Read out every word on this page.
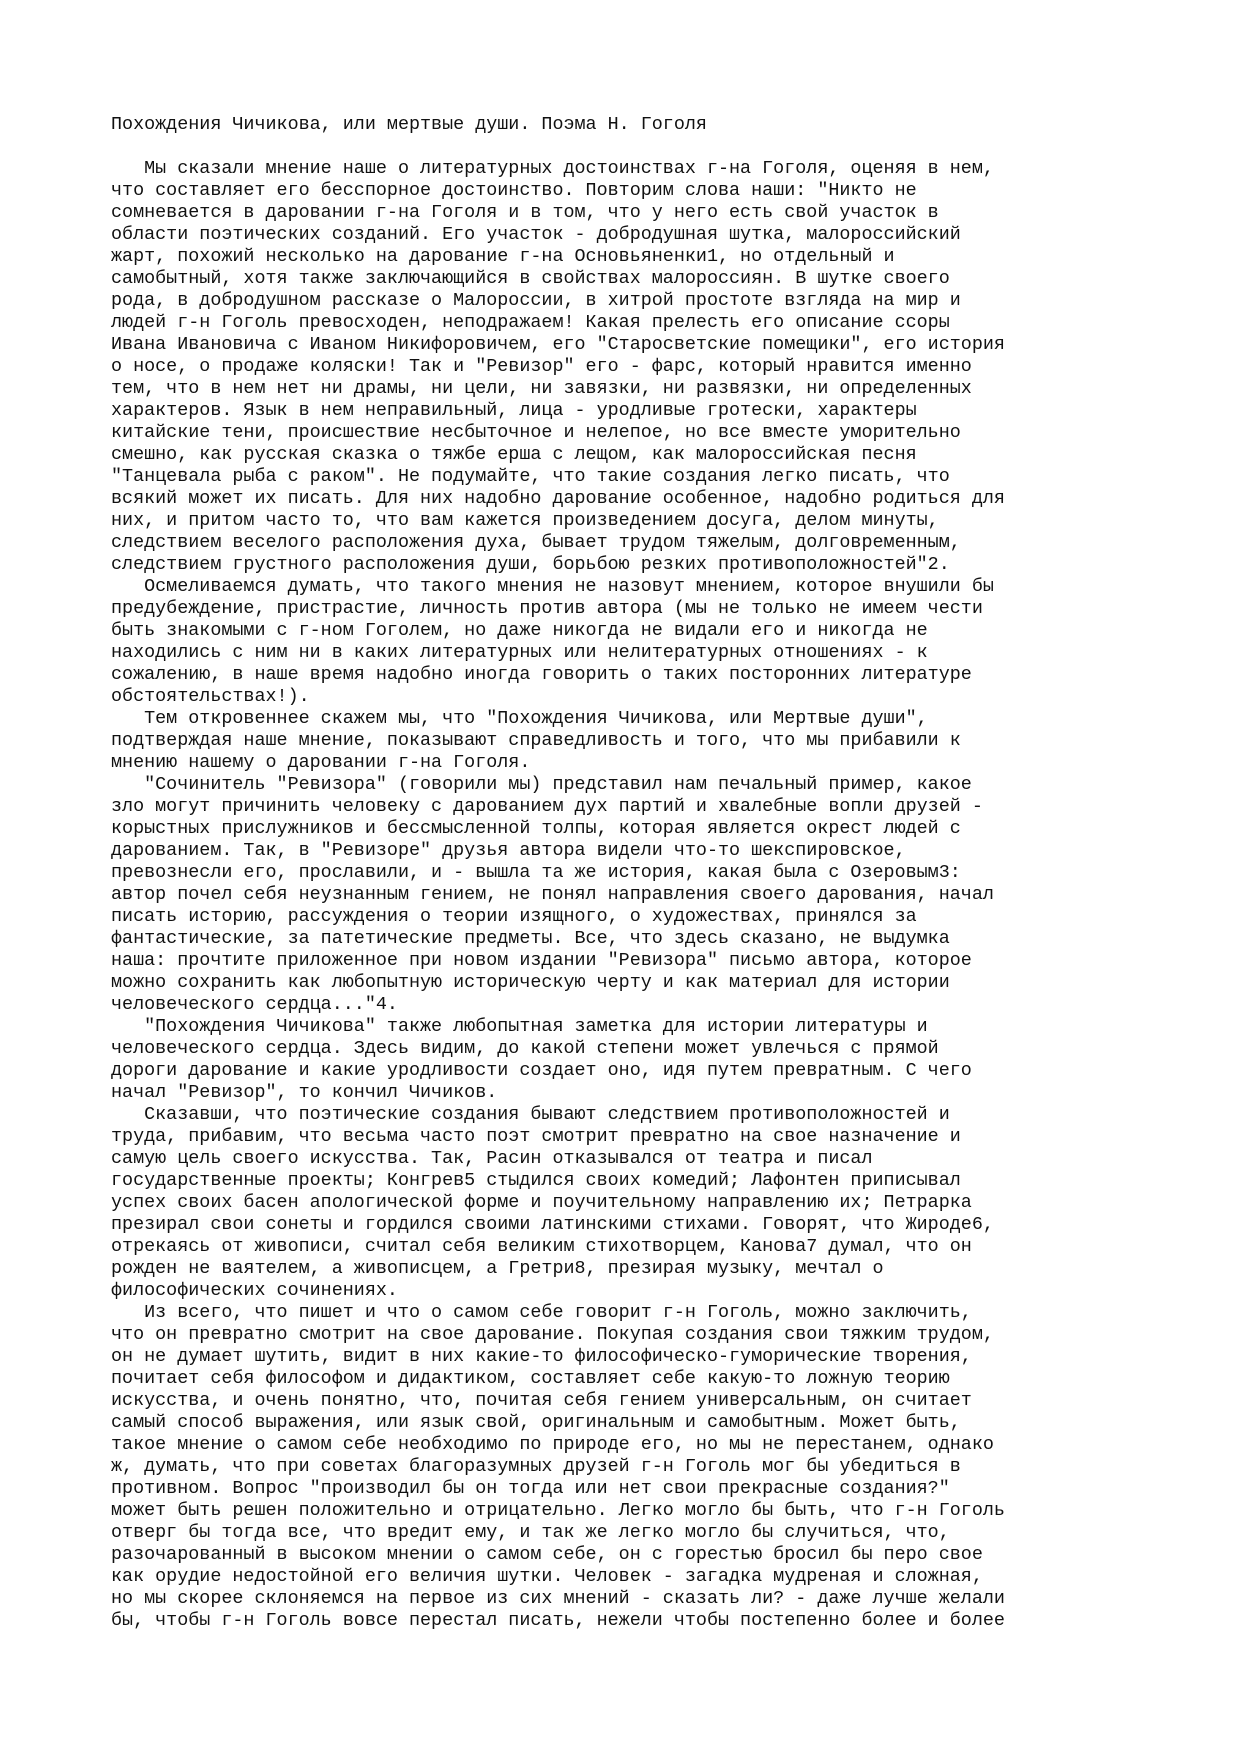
Похождения Чичикова, или мертвые души. Поэма Н. Гоголя

Мы сказали мнение наше о литературных достоинствах г-на Гоголя, оценяя в нем,
что составляет его бесспорное достоинство. Повторим слова наши: "Никто не
сомневается в даровании г-на Гоголя и в том, что у него есть свой участок в
области поэтических созданий. Его участок - добродушная шутка, малороссийский
жарт, похожий несколько на дарование г-на Основьяненки1, но отдельный и
самобытный, хотя также заключающийся в свойствах малороссиян. В шутке своего
рода, в добродушном рассказе о Малороссии, в хитрой простоте взгляда на мир и
людей г-н Гоголь превосходен, неподражаем! Какая прелесть его описание ссоры
Ивана Ивановича с Иваном Никифоровичем, его "Старосветские помещики", его история
о носе, о продаже коляски! Так и "Ревизор" его - фарс, который нравится именно
тем, что в нем нет ни драмы, ни цели, ни завязки, ни развязки, ни определенных
характеров. Язык в нем неправильный, лица - уродливые гротески, характеры
китайские тени, происшествие несбыточное и нелепое, но все вместе уморительно
смешно, как русская сказка о тяжбе ерша с лещом, как малороссийская песня
"Танцевала рыба с раком". Не подумайте, что такие создания легко писать, что
всякий может их писать. Для них надобно дарование особенное, надобно родиться для
них, и притом часто то, что вам кажется произведением досуга, делом минуты,
следствием веселого расположения духа, бывает трудом тяжелым, долговременным,
следствием грустного расположения души, борьбою резких противоположностей"2.

Осмеливаемся думать, что такого мнения не назовут мнением, которое внушили бы
предубеждение, пристрастие, личность против автора (мы не только не имеем чести
быть знакомыми с г-ном Гоголем, но даже никогда не видали его и никогда не
находились с ним ни в каких литературных или нелитературных отношениях - к
сожалению, в наше время надобно иногда говорить о таких посторонних литературе
обстоятельствах!).

Тем откровеннее скажем мы, что "Похождения Чичикова, или Мертвые души",
подтверждая наше мнение, показывают справедливость и того, что мы прибавили к
мнению нашему о даровании г-на Гоголя.

"Сочинитель "Ревизора" (говорили мы) представил нам печальный пример, какое
зло могут причинить человеку с дарованием дух партий и хвалебные вопли друзей -
корыстных прислужников и бессмысленной толпы, которая является окрест людей с
дарованием. Так, в "Ревизоре" друзья автора видели что-то шекспировское,
превознесли его, прославили, и - вышла та же история, какая была с Озеровым3:
автор почел себя неузнанным гением, не понял направления своего дарования, начал
писать историю, рассуждения о теории изящного, о художествах, принялся за
фантастические, за патетические предметы. Все, что здесь сказано, не выдумка
наша: прочтите приложенное при новом издании "Ревизора" письмо автора, которое
можно сохранить как любопытную историческую черту и как материал для истории
человеческого сердца..."4.

"Похождения Чичикова" также любопытная заметка для истории литературы и
человеческого сердца. Здесь видим, до какой степени может увлечься с прямой
дороги дарование и какие уродливости создает оно, идя путем превратным. С чего
начал "Ревизор", то кончил Чичиков.

Сказавши, что поэтические создания бывают следствием противоположностей и
труда, прибавим, что весьма часто поэт смотрит превратно на свое назначение и
самую цель своего искусства. Так, Расин отказывался от театра и писал
государственные проекты; Конгрев5 стыдился своих комедий; Лафонтен приписывал
успех своих басен апологической форме и поучительному направлению их; Петрарка
презирал свои сонеты и гордился своими латинскими стихами. Говорят, что Жироде6,
отрекаясь от живописи, считал себя великим стихотворцем, Канова7 думал, что он
рожден не ваятелем, а живописцем, а Гретри8, презирая музыку, мечтал о
философических сочинениях.

Из всего, что пишет и что о самом себе говорит г-н Гоголь, можно заключить,
что он превратно смотрит на свое дарование. Покупая создания свои тяжким трудом,
он не думает шутить, видит в них какие-то философическо-гуморические творения,
почитает себя философом и дидактиком, составляет себе какую-то ложную теорию
искусства, и очень понятно, что, почитая себя гением универсальным, он считает
самый способ выражения, или язык свой, оригинальным и самобытным. Может быть,
такое мнение о самом себе необходимо по природе его, но мы не перестанем, однако
ж, думать, что при советах благоразумных друзей г-н Гоголь мог бы убедиться в
противном. Вопрос "производил бы он тогда или нет свои прекрасные создания?"
может быть решен положительно и отрицательно. Легко могло бы быть, что г-н Гоголь
отверг бы тогда все, что вредит ему, и так же легко могло бы случиться, что,
разочарованный в высоком мнении о самом себе, он с горестью бросил бы перо свое
как орудие недостойной его величия шутки. Человек - загадка мудреная и сложная,
но мы скорее склоняемся на первое из сих мнений - сказать ли? - даже лучше желали
бы, чтобы г-н Гоголь вовсе перестал писать, нежели чтобы постепенно более и более
